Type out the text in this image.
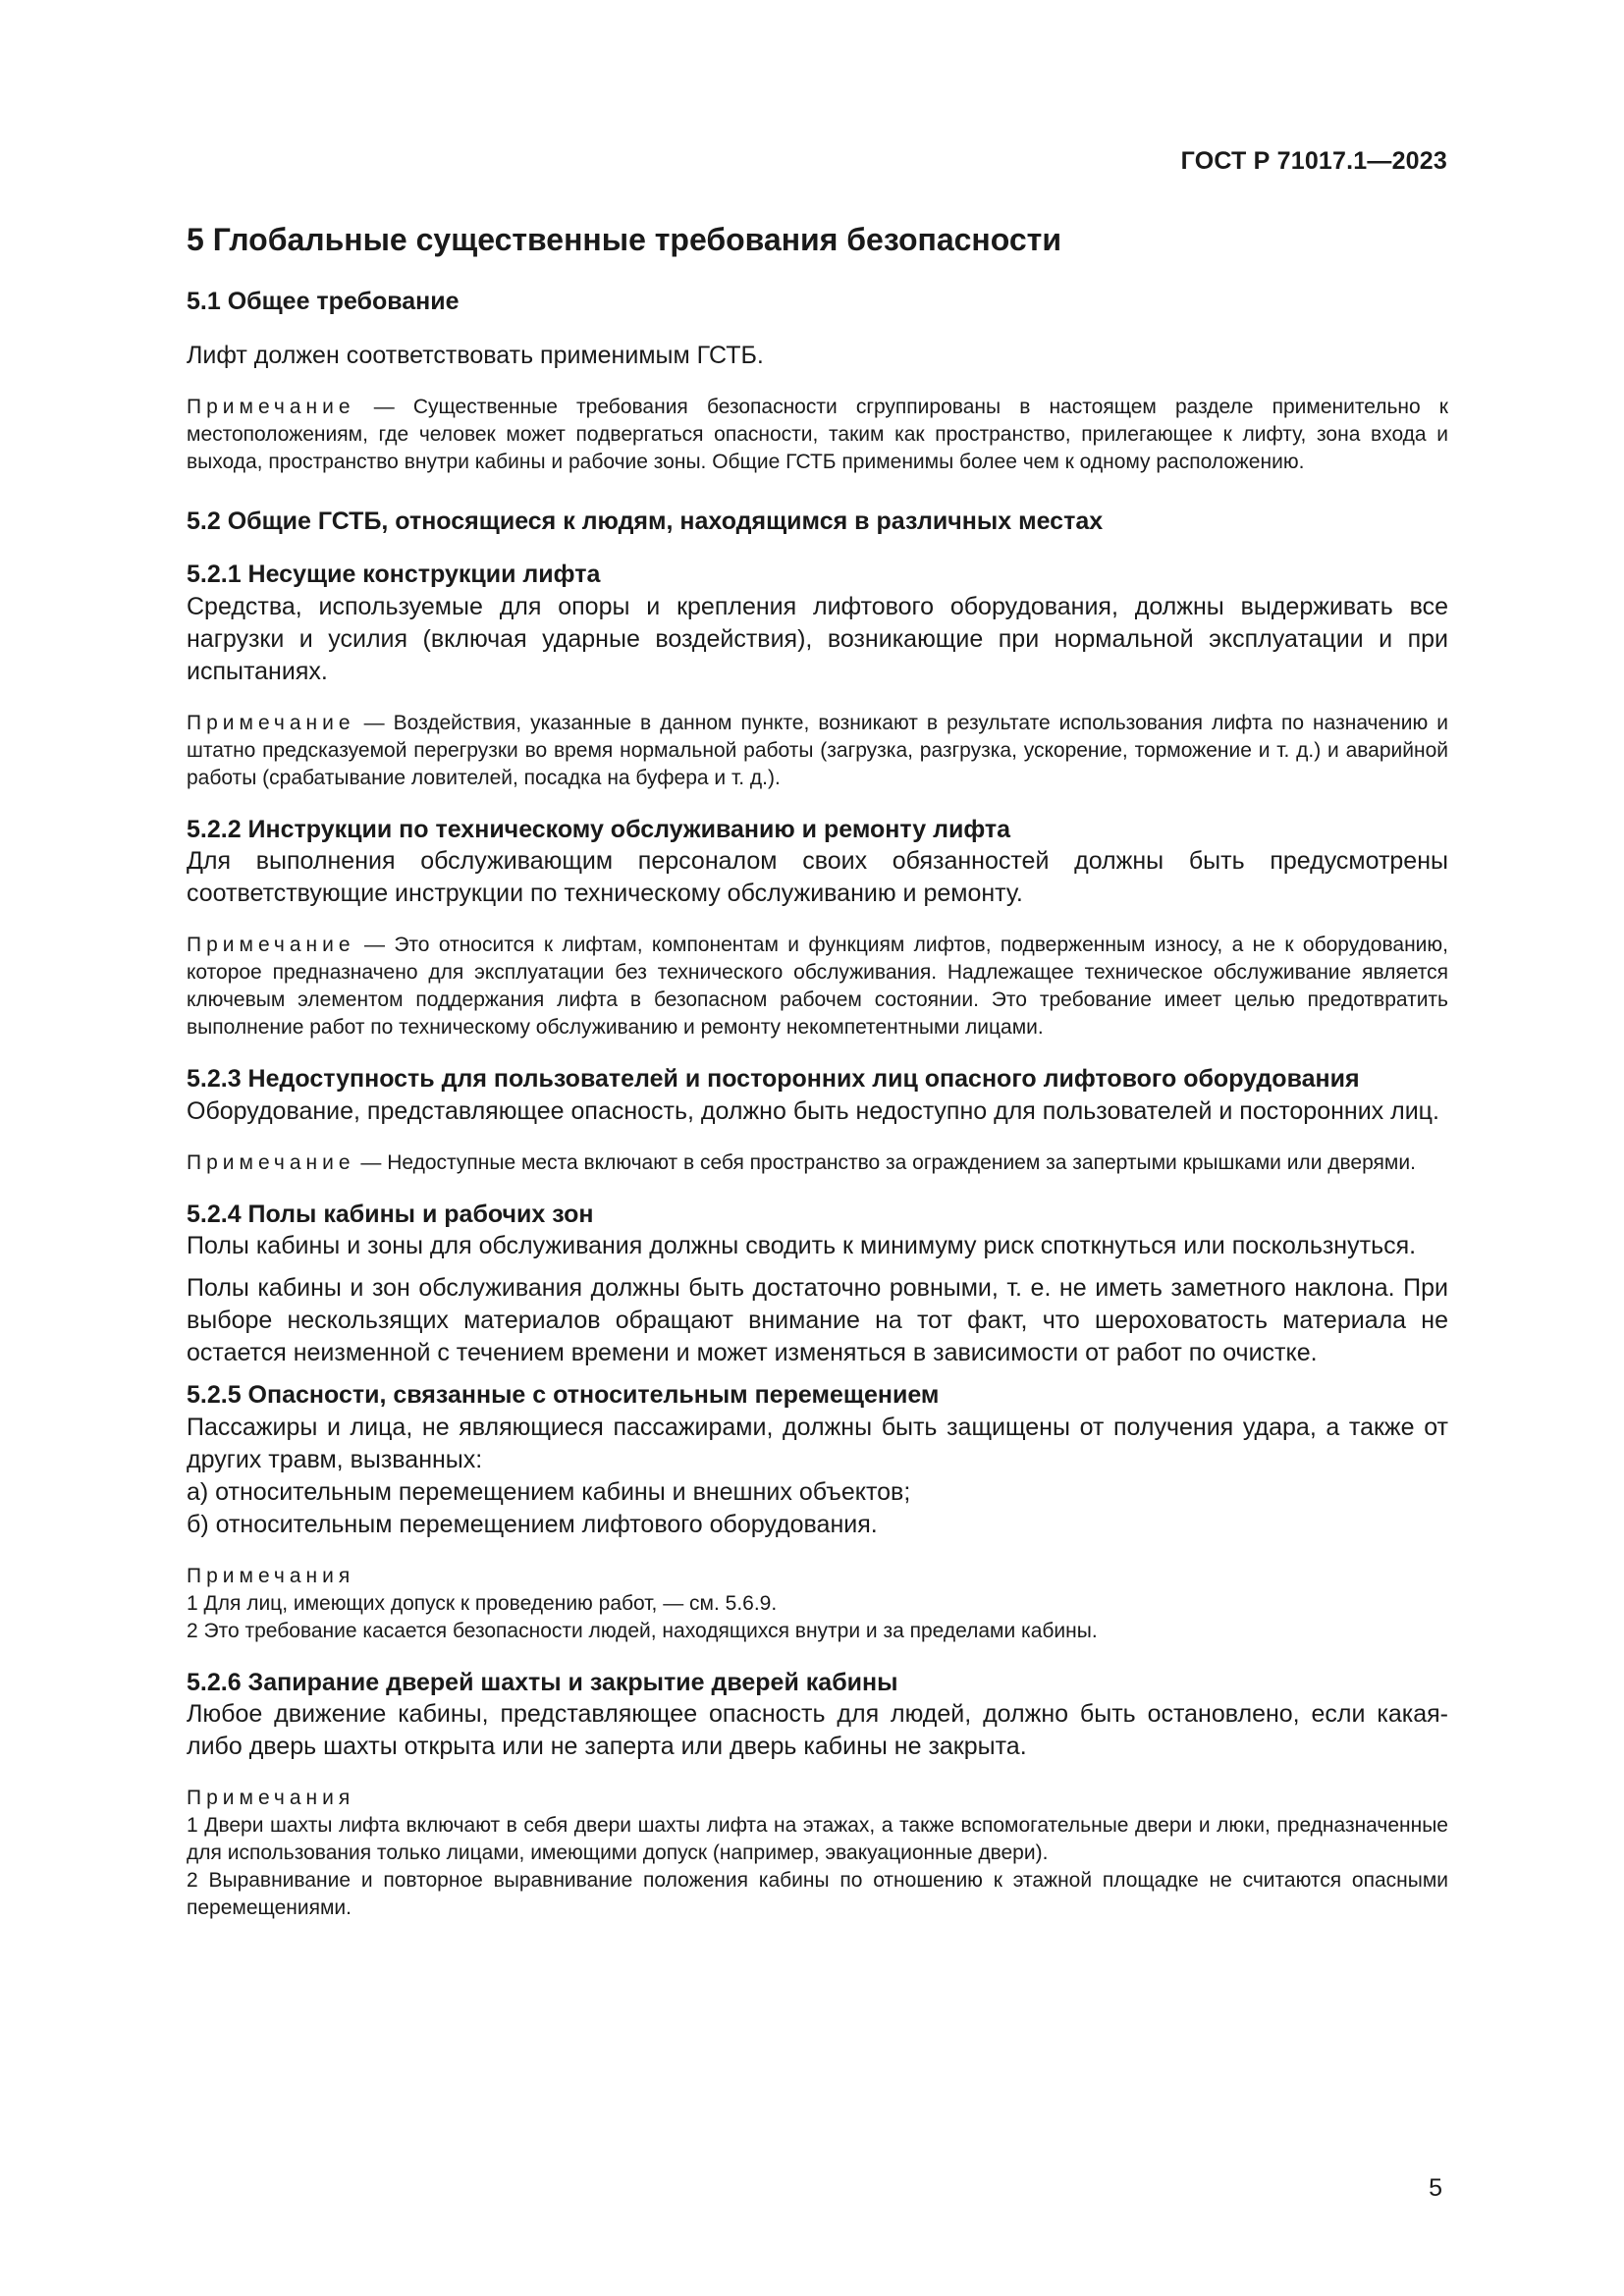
ГОСТ Р 71017.1—2023
5 Глобальные существенные требования безопасности
5.1 Общее требование

Лифт должен соответствовать применимым ГСТБ.

Примечание — Существенные требования безопасности сгруппированы в настоящем разделе применительно к местоположениям, где человек может подвергаться опасности, таким как пространство, прилегающее к лифту, зона входа и выхода, пространство внутри кабины и рабочие зоны. Общие ГСТБ применимы более чем к одному расположению.

5.2 Общие ГСТБ, относящиеся к людям, находящимся в различных местах
5.2.1 Несущие конструкции лифта

Средства, используемые для опоры и крепления лифтового оборудования, должны выдерживать все нагрузки и усилия (включая ударные воздействия), возникающие при нормальной эксплуатации и при испытаниях.

Примечание — Воздействия, указанные в данном пункте, возникают в результате использования лифта по назначению и штатно предсказуемой перегрузки во время нормальной работы (загрузка, разгрузка, ускорение, торможение и т. д.) и аварийной работы (срабатывание ловителей, посадка на буфера и т. д.).

5.2.2 Инструкции по техническому обслуживанию и ремонту лифта

Для выполнения обслуживающим персоналом своих обязанностей должны быть предусмотрены соответствующие инструкции по техническому обслуживанию и ремонту.

Примечание — Это относится к лифтам, компонентам и функциям лифтов, подверженным износу, а не к оборудованию, которое предназначено для эксплуатации без технического обслуживания. Надлежащее техническое обслуживание является ключевым элементом поддержания лифта в безопасном рабочем состоянии. Это требование имеет целью предотвратить выполнение работ по техническому обслуживанию и ремонту некомпетентными лицами.

5.2.3 Недоступность для пользователей и посторонних лиц опасного лифтового оборудования

Оборудование, представляющее опасность, должно быть недоступно для пользователей и посторонних лиц.

Примечание — Недоступные места включают в себя пространство за ограждением за запертыми крышками или дверями.

5.2.4 Полы кабины и рабочих зон

Полы кабины и зоны для обслуживания должны сводить к минимуму риск споткнуться или поскользнуться.

Полы кабины и зон обслуживания должны быть достаточно ровными, т. е. не иметь заметного наклона. При выборе нескользящих материалов обращают внимание на тот факт, что шероховатость материала не остается неизменной с течением времени и может изменяться в зависимости от работ по очистке.

5.2.5 Опасности, связанные с относительным перемещением

Пассажиры и лица, не являющиеся пассажирами, должны быть защищены от получения удара, а также от других травм, вызванных:

а) относительным перемещением кабины и внешних объектов;

б) относительным перемещением лифтового оборудования.

Примечания

1 Для лиц, имеющих допуск к проведению работ, — см. 5.6.9.

2 Это требование касается безопасности людей, находящихся внутри и за пределами кабины.

5.2.6 Запирание дверей шахты и закрытие дверей кабины

Любое движение кабины, представляющее опасность для людей, должно быть остановлено, если какая-либо дверь шахты открыта или не заперта или дверь кабины не закрыта.

Примечания

1 Двери шахты лифта включают в себя двери шахты лифта на этажах, а также вспомогательные двери и люки, предназначенные для использования только лицами, имеющими допуск (например, эвакуационные двери).

2 Выравнивание и повторное выравнивание положения кабины по отношению к этажной площадке не считаются опасными перемещениями.

5
